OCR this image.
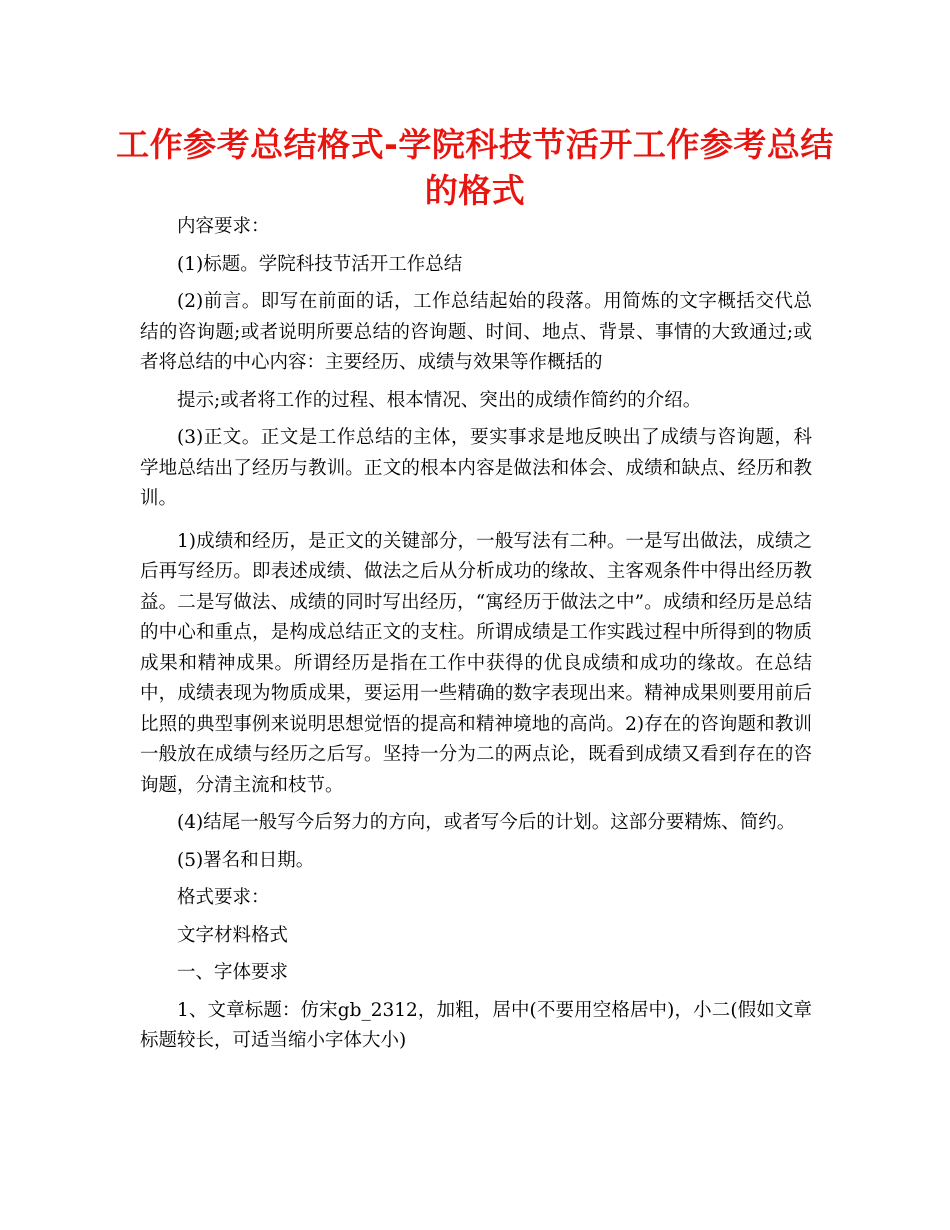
工作参考总结格式-学院科技节活开工作参考总结的格式

内容要求：

(1)标题。学院科技节活开工作总结

(2)前言。即写在前面的话，工作总结起始的段落。用简炼的文字概括交代总结的咨询题;或者说明所要总结的咨询题、时间、地点、背景、事情的大致通过;或者将总结的中心内容：主要经历、成绩与效果等作概括的

提示;或者将工作的过程、根本情况、突出的成绩作简约的介绍。

(3)正文。正文是工作总结的主体，要实事求是地反映出了成绩与咨询题，科学地总结出了经历与教训。正文的根本内容是做法和体会、成绩和缺点、经历和教训。

1)成绩和经历，是正文的关键部分，一般写法有二种。一是写出做法，成绩之后再写经历。即表述成绩、做法之后从分析成功的缘故、主客观条件中得出经历教益。二是写做法、成绩的同时写出经历，“寓经历于做法之中”。成绩和经历是总结的中心和重点，是构成总结正文的支柱。所谓成绩是工作实践过程中所得到的物质成果和精神成果。所谓经历是指在工作中获得的优良成绩和成功的缘故。在总结中，成绩表现为物质成果，要运用一些精确的数字表现出来。精神成果则要用前后比照的典型事例来说明思想觉悟的提高和精神境地的高尚。2)存在的咨询题和教训一般放在成绩与经历之后写。坚持一分为二的两点论，既看到成绩又看到存在的咨询题，分清主流和枝节。

(4)结尾一般写今后努力的方向，或者写今后的计划。这部分要精炼、简约。

(5)署名和日期。

格式要求：

文字材料格式

一、字体要求

1、文章标题：仿宋gb_2312，加粗，居中(不要用空格居中)，小二(假如文章标题较长，可适当缩小字体大小)
